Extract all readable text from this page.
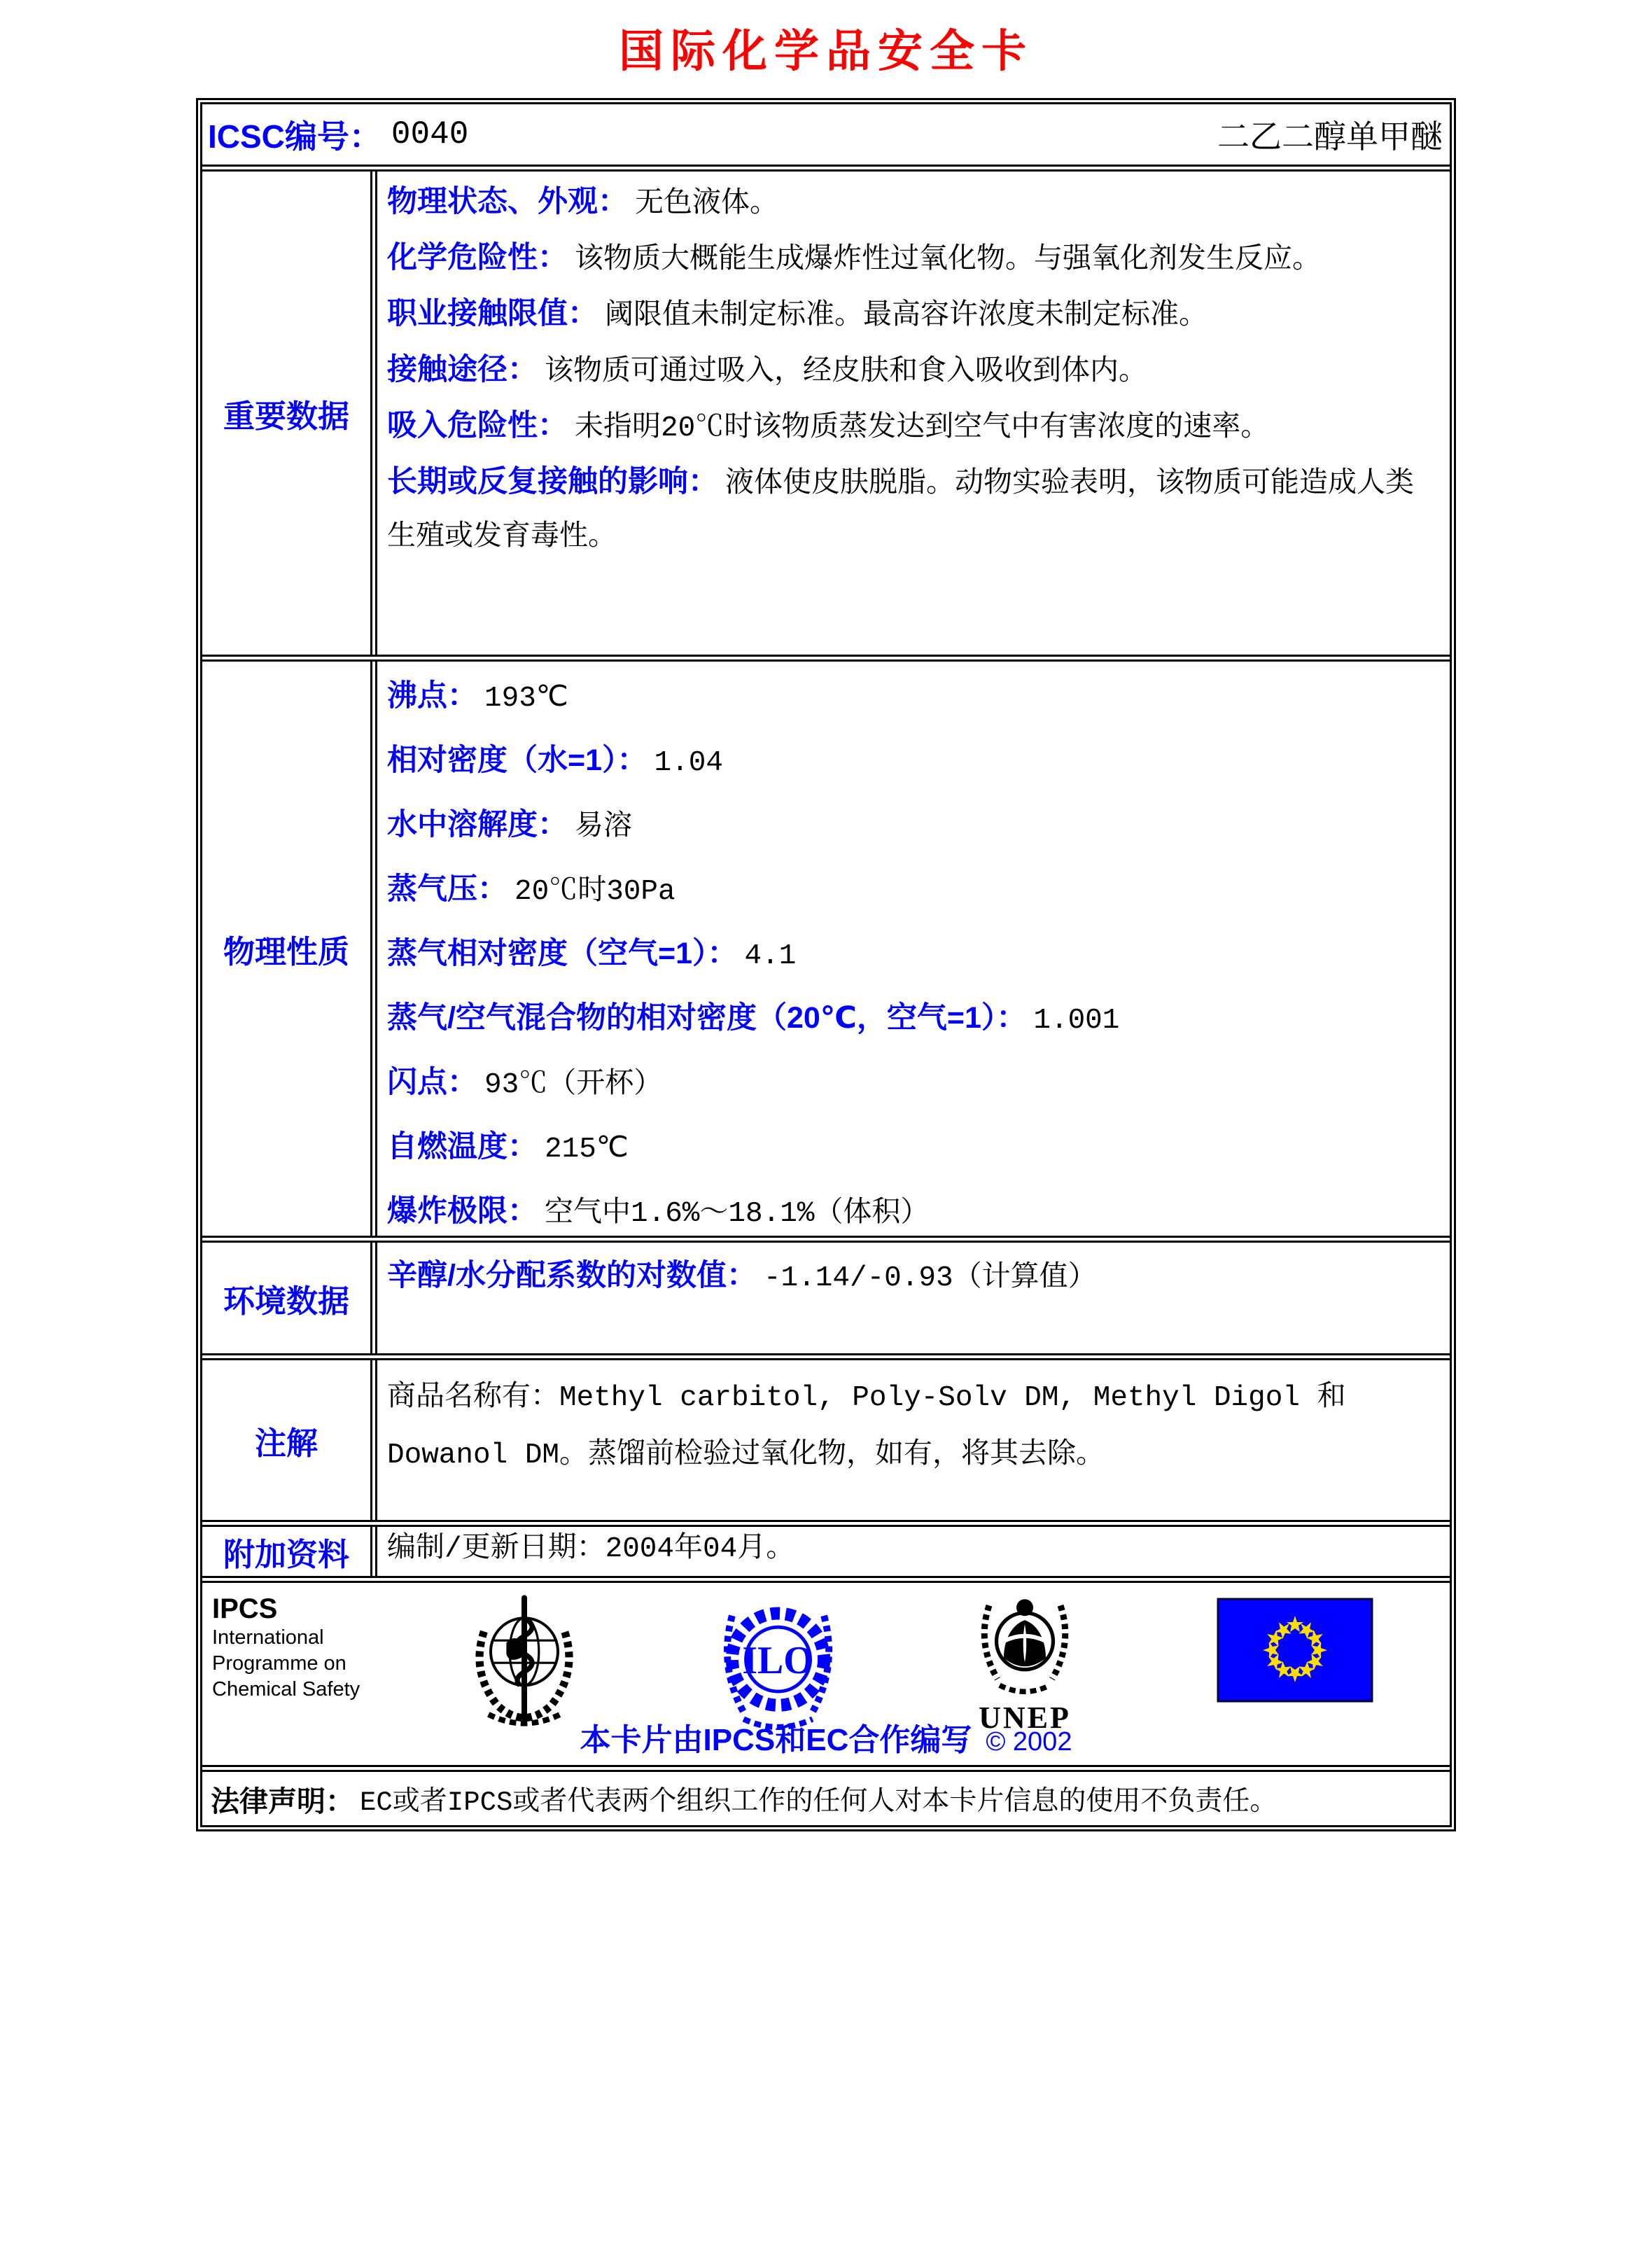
国际化学品安全卡
ICSC编号： 0040	二乙二醇单甲醚
重要数据

物理状态、外观： 无色液体。

化学危险性： 该物质大概能生成爆炸性过氧化物。与强氧化剂发生反应。

职业接触限值： 阈限值未制定标准。最高容许浓度未制定标准。

接触途径： 该物质可通过吸入，经皮肤和食入吸收到体内。

吸入危险性： 未指明20℃时该物质蒸发达到空气中有害浓度的速率。

长期或反复接触的影响： 液体使皮肤脱脂。动物实验表明，该物质可能造成人类生殖或发育毒性。

物理性质

沸点： 193℃

相对密度（水=1）： 1.04

水中溶解度： 易溶

蒸气压： 20℃时30Pa

蒸气相对密度（空气=1）： 4.1

蒸气/空气混合物的相对密度（20℃，空气=1）： 1.001

闪点： 93℃（开杯）

自燃温度： 215℃

爆炸极限： 空气中1.6%～18.1%（体积）

辛醇/水分配系数的对数值： -1.14/-0.93（计算值）

环境数据
注解

商品名称有：Methyl carbitol, Poly-Solv DM, Methyl Digol 和 Dowanol DM。蒸馏前检验过氧化物，如有，将其去除。

附加资料 编制/更新日期：2004年04月。

IPCS
International
Programme on
Chemical Safety
ILO
UNEP
本卡片由IPCS和EC合作编写 © 2002
法律声明： EC或者IPCS或者代表两个组织工作的任何人对本卡片信息的使用不负责任。
